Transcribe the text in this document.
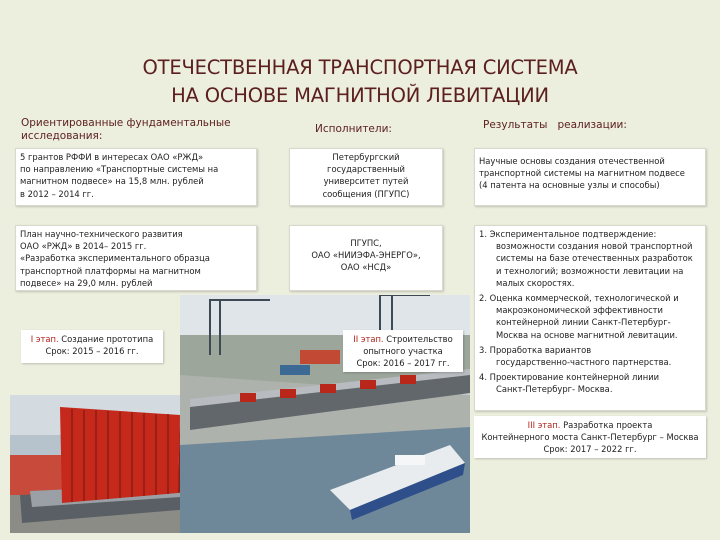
ОТЕЧЕСТВЕННАЯ ТРАНСПОРТНАЯ СИСТЕМА
НА ОСНОВЕ МАГНИТНОЙ ЛЕВИТАЦИИ
Ориентированные фундаментальные
исследования:
Исполнители:	Результаты   реализации:
5 грантов РФФИ в интересах ОАО «РЖД»
по направлению «Транспортные системы на
магнитном подвесе» на 15,8 млн. рублей
в 2012 – 2014 гг.
План научно-технического развития
ОАО «РЖД» в 2014– 2015 гг.
«Разработка экспериментального образца
транспортной платформы на магнитном
подвесе» на 29,0 млн. рублей
Петербургский
государственный
университет путей
сообщения (ПГУПС)
ПГУПС,
ОАО «НИИЭФА-ЭНЕРГО»,
ОАО «НСД»
Научные основы создания отечественной
транспортной системы на магнитном подвесе
(4 патента на основные узлы и способы)
1. Экспериментальное подтверждение:
возможности создания новой транспортной
системы на базе отечественных разработок
и технологий; возможности левитации на
малых скоростях.
2. Оценка коммерческой, технологической и
макроэкономической эффективности
контейнерной линии Санкт-Петербург-
Москва на основе магнитной левитации.
3. Проработка вариантов
государственно-частного партнерства.
4. Проектирование контейнерной линии
Санкт-Петербург- Москва.
I этап. Создание прототипа
Срок: 2015 – 2016 гг.
II этап. Строительство
опытного участка
Срок: 2016 – 2017 гг.
III этап. Разработка проекта
Контейнерного моста Санкт-Петербург – Москва
Срок: 2017 – 2022 гг.
